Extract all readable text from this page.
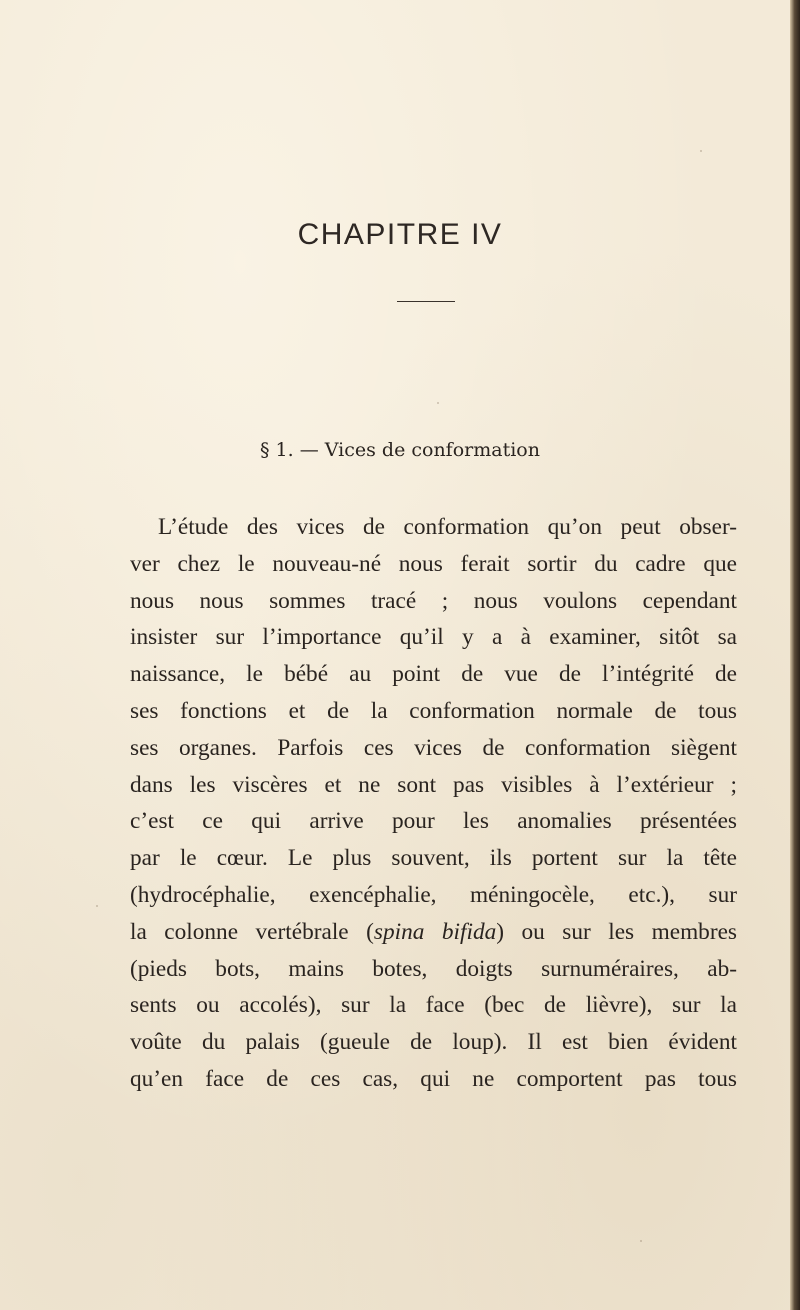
CHAPITRE IV
§ 1. — Vices de conformation
L’étude des vices de conformation qu’on peut obser-
ver chez le nouveau-né nous ferait sortir du cadre que
nous nous sommes tracé ; nous voulons cependant
insister sur l’importance qu’il y a à examiner, sitôt sa
naissance, le bébé au point de vue de l’intégrité de
ses fonctions et de la conformation normale de tous
ses organes. Parfois ces vices de conformation siègent
dans les viscères et ne sont pas visibles à l’extérieur ;
c’est ce qui arrive pour les anomalies présentées
par le cœur. Le plus souvent, ils portent sur la tête
(hydrocéphalie, exencéphalie, méningocèle, etc.), sur
la colonne vertébrale (spina bifida) ou sur les membres
(pieds bots, mains botes, doigts surnuméraires, ab-
sents ou accolés), sur la face (bec de lièvre), sur la
voûte du palais (gueule de loup). Il est bien évident
qu’en face de ces cas, qui ne comportent pas tous
